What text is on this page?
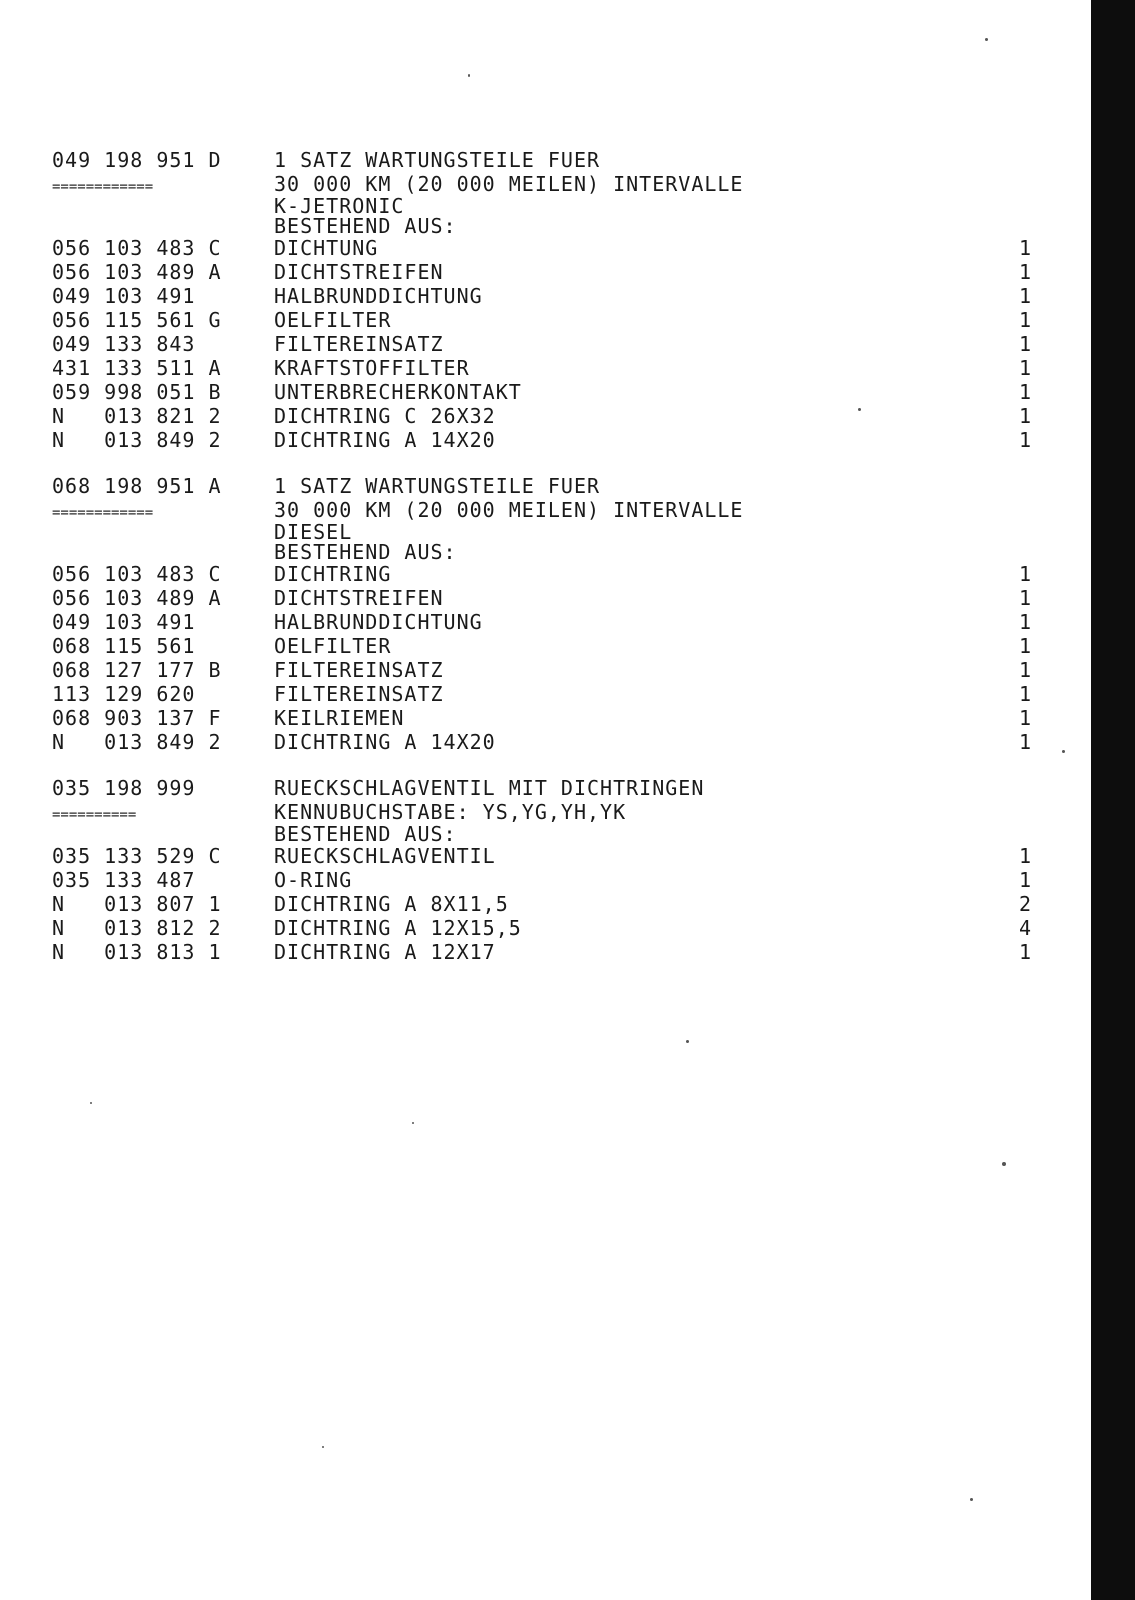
049 198 951 D	1 SATZ WARTUNGSTEILE FUER
============	30 000 KM (20 000 MEILEN) INTERVALLE
K-JETRONIC
BESTEHEND AUS:
056 103 483 C	DICHTUNG	1
056 103 489 A	DICHTSTREIFEN	1
049 103 491	HALBRUNDDICHTUNG	1
056 115 561 G	OELFILTER	1
049 133 843	FILTEREINSATZ	1
431 133 511 A	KRAFTSTOFFILTER	1
059 998 051 B	UNTERBRECHERKONTAKT	1
N   013 821 2	DICHTRING C 26X32	1
N   013 849 2	DICHTRING A 14X20	1
068 198 951 A	1 SATZ WARTUNGSTEILE FUER
============	30 000 KM (20 000 MEILEN) INTERVALLE
DIESEL
BESTEHEND AUS:
056 103 483 C	DICHTRING	1
056 103 489 A	DICHTSTREIFEN	1
049 103 491	HALBRUNDDICHTUNG	1
068 115 561	OELFILTER	1
068 127 177 B	FILTEREINSATZ	1
113 129 620	FILTEREINSATZ	1
068 903 137 F	KEILRIEMEN	1
N   013 849 2	DICHTRING A 14X20	1
035 198 999	RUECKSCHLAGVENTIL MIT DICHTRINGEN
==========	KENNUBUCHSTABE: YS,YG,YH,YK
BESTEHEND AUS:
035 133 529 C	RUECKSCHLAGVENTIL	1
035 133 487	O-RING	1
N   013 807 1	DICHTRING A 8X11,5	2
N   013 812 2	DICHTRING A 12X15,5	4
N   013 813 1	DICHTRING A 12X17	1
